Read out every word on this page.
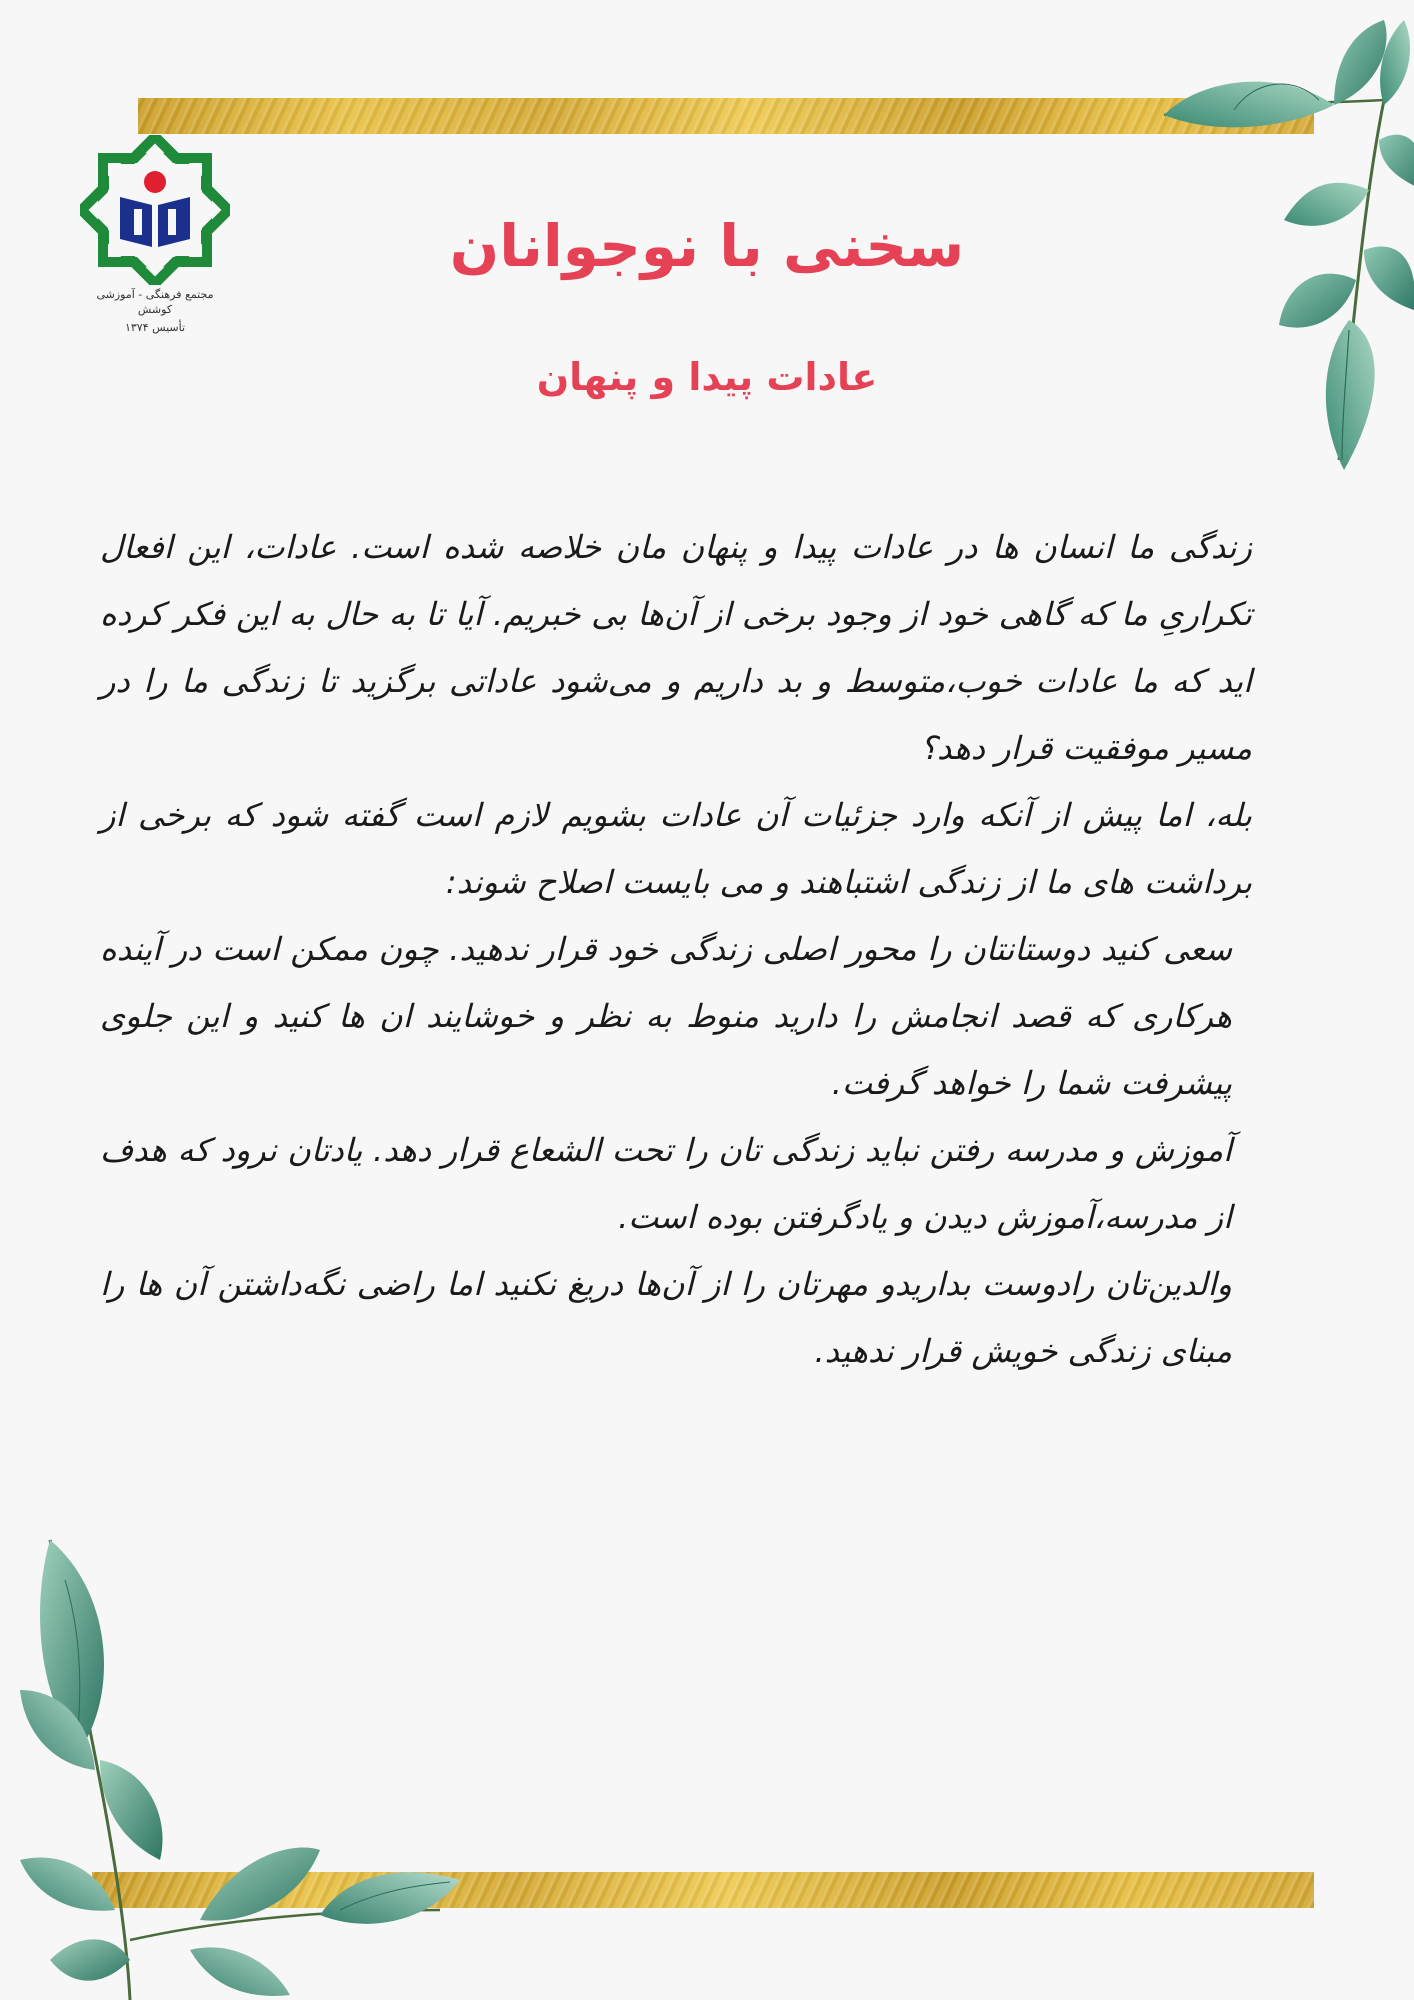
مجتمع فرهنگی - آموزشی کوشش
تأسیس ۱۳۷۴
سخنی با نوجوانان
عادات پیدا و پنهان

زندگی ما انسان ها در عادات پیدا و پنهان مان خلاصه شده است. عادات، این افعال تکراریِ ما که گاهی خود از وجود برخی از آن‌ها بی خبریم. آیا تا به حال به این فکر کرده اید که ما عادات خوب،متوسط و بد داریم و می‌شود عاداتی برگزید تا زندگی ما را در مسیر موفقیت قرار دهد؟

بله، اما پیش از آنکه وارد جزئیات آن عادات بشویم لازم است گفته شود که برخی از برداشت های ما از زندگی اشتباهند و می بایست اصلاح شوند:

سعی کنید دوستانتان را محور اصلی زندگی خود قرار ندهید. چون ممکن است در آینده هرکاری که قصد انجامش را دارید منوط به نظر و خوشایند ان ها کنید و این جلوی پیشرفت شما را خواهد گرفت.

آموزش و مدرسه رفتن نباید زندگی تان را تحت الشعاع قرار دهد. یادتان نرود که هدف از مدرسه،آموزش دیدن و یادگرفتن بوده است.

والدین‌تان رادوست بداریدو مهرتان را از آن‌ها دریغ نکنید اما راضی نگه‌داشتن آن ها را مبنای زندگی خویش قرار ندهید.
